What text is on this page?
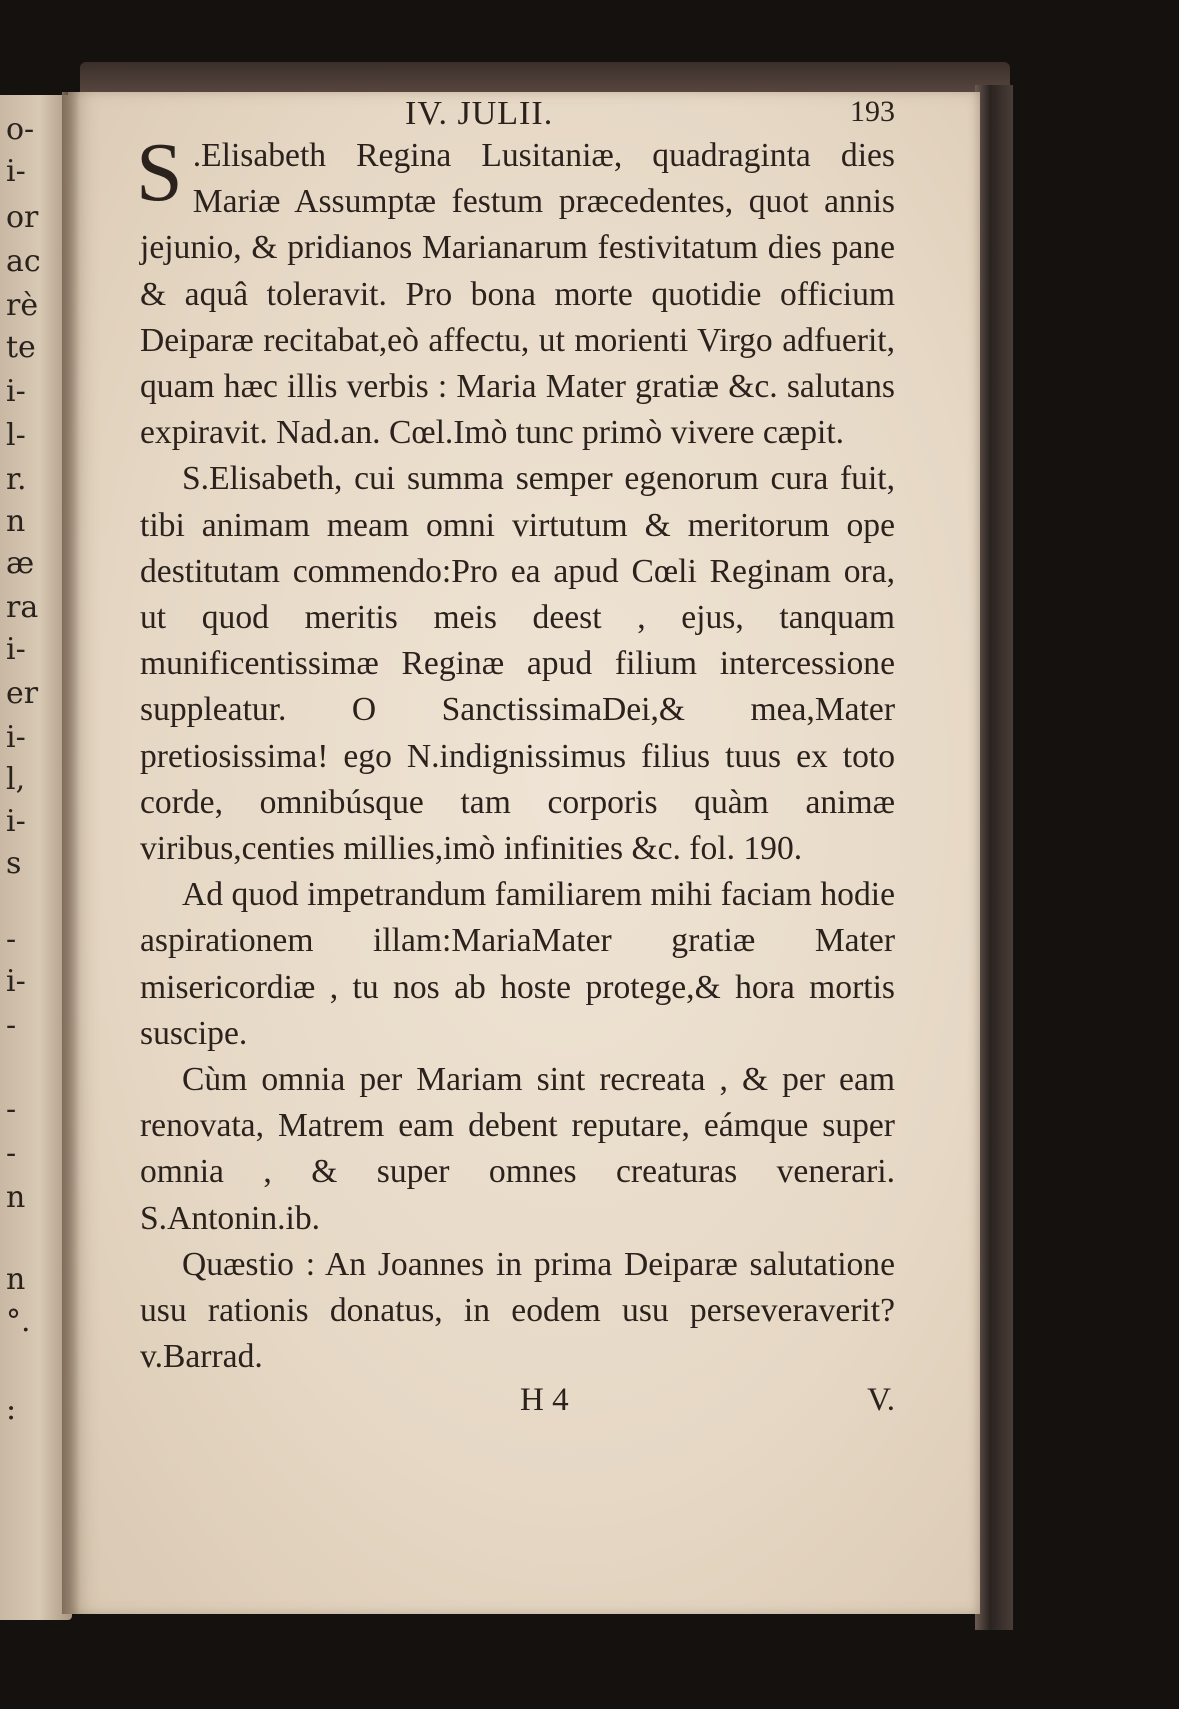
o-
i-
or
ac
rè
te
i-
l-
r.
n
æ
ra
i-
er
i-
l,
i-
s
-
i-
-
-
-
n
n
°.
:
IV. JULII.	193

S .Elisabeth Regina Lusitaniæ, quadraginta dies Mariæ Assumptæ festum præcedentes, quot annis jejunio, & pridianos Marianarum festivitatum dies pane & aquâ toleravit. Pro bona morte quotidie officium Deiparæ recitabat,eò affectu, ut morienti Virgo adfuerit, quam hæc illis verbis : Maria Mater gratiæ &c. salutans expiravit. Nad.an. Cœl.Imò tunc primò vivere cæpit.

S.Elisabeth, cui summa semper egenorum cura fuit, tibi animam meam omni virtutum & meritorum ope destitutam commendo:Pro ea apud Cœli Reginam ora, ut quod meritis meis deest , ejus, tanquam munificentissimæ Reginæ apud filium intercessione suppleatur. O SanctissimaDei,& mea,Mater pretiosissima! ego N.indignissimus filius tuus ex toto corde, omnibúsque tam corporis quàm animæ viribus,centies millies,imò infinities &c. fol. 190.

Ad quod impetrandum familiarem mihi faciam hodie aspirationem illam:MariaMater gratiæ Mater misericordiæ , tu nos ab hoste protege,& hora mortis suscipe.

Cùm omnia per Mariam sint recreata , & per eam renovata, Matrem eam debent reputare, eámque super omnia , & super omnes creaturas venerari. S.Antonin.ib.

Quæstio : An Joannes in prima Deiparæ salutatione usu rationis donatus, in eodem usu perseveraverit? v.Barrad.

H 4	V.
